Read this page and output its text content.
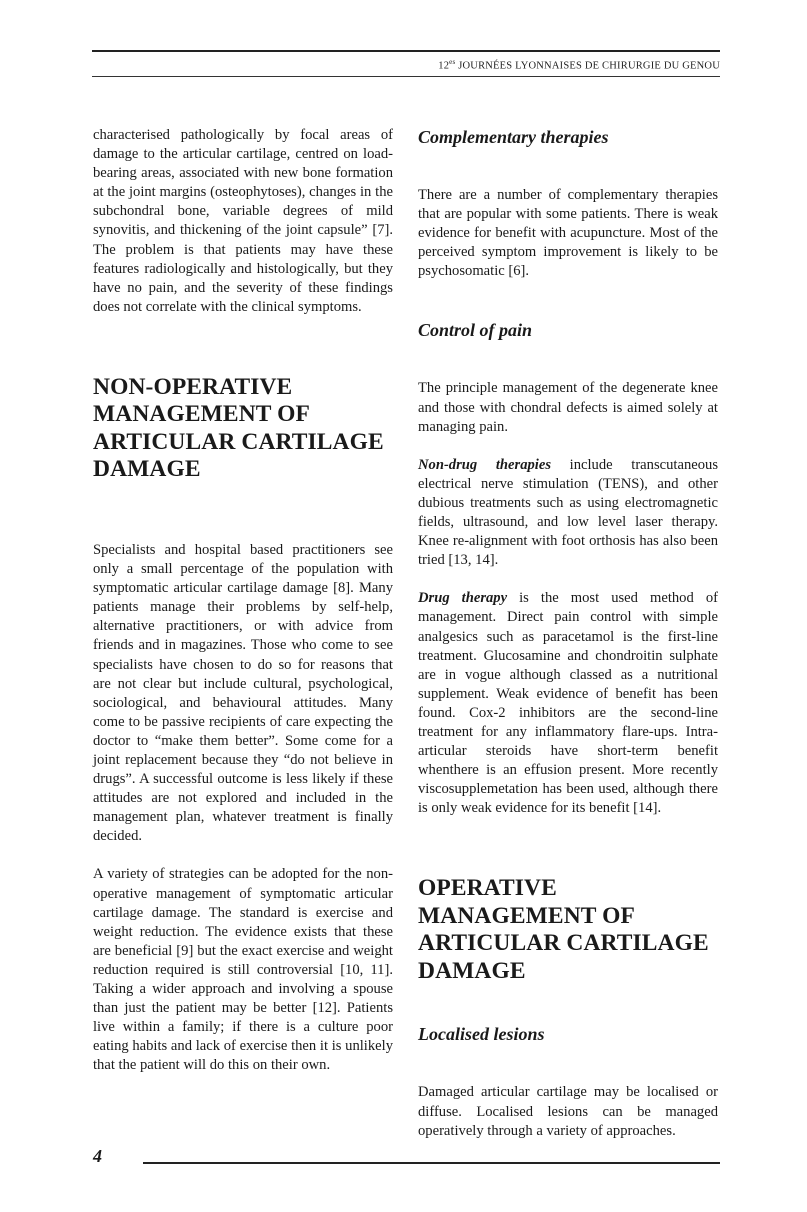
$12^{es}$ JOURNÉES LYONNAISES DE CHIRURGIE DU GENOU

characterised pathologically by focal areas of damage to the articular cartilage, centred on load-bearing areas, associated with new bone formation at the joint margins (osteophytoses), changes in the subchondral bone, variable degrees of mild synovitis, and thickening of the joint capsule” [7]. The problem is that patients may have these features radiologically and histologically, but they have no pain, and the severity of these findings does not correlate with the clinical symptoms.

NON-OPERATIVE MANAGEMENT OF ARTICULAR CARTILAGE DAMAGE

Specialists and hospital based practitioners see only a small percentage of the population with symptomatic articular cartilage damage [8]. Many patients manage their problems by self-help, alternative practitioners, or with advice from friends and in magazines. Those who come to see specialists have chosen to do so for reasons that are not clear but include cultural, psychological, sociological, and behavioural attitudes. Many come to be passive recipients of care expecting the doctor to “make them better”. Some come for a joint replacement because they “do not believe in drugs”. A successful outcome is less likely if these attitudes are not explored and included in the management plan, whatever treatment is finally decided.

A variety of strategies can be adopted for the non-operative management of symptomatic articular cartilage damage. The standard is exercise and weight reduction. The evidence exists that these are beneficial [9] but the exact exercise and weight reduction required is still controversial [10, 11]. Taking a wider approach and involving a spouse than just the patient may be better [12]. Patients live within a family; if there is a culture poor eating habits and lack of exercise then it is unlikely that the patient will do this on their own.

Complementary therapies

There are a number of complementary therapies that are popular with some patients. There is weak evidence for benefit with acupuncture. Most of the perceived symptom improvement is likely to be psychosomatic [6].

Control of pain

The principle management of the degenerate knee and those with chondral defects is aimed solely at managing pain.

Non-drug therapies include transcutaneous electrical nerve stimulation (TENS), and other dubious treatments such as using electromagnetic fields, ultrasound, and low level laser therapy. Knee re-alignment with foot orthosis has also been tried [13, 14].

Drug therapy is the most used method of management. Direct pain control with simple analgesics such as paracetamol is the first-line treatment. Glucosamine and chondroitin sulphate are in vogue although classed as a nutritional supplement. Weak evidence of benefit has been found. Cox-2 inhibitors are the second-line treatment for any inflammatory flare-ups. Intra-articular steroids have short-term benefit whenthere is an effusion present. More recently viscosupplemetation has been used, although there is only weak evidence for its benefit [14].

OPERATIVE MANAGEMENT OF ARTICULAR CARTILAGE DAMAGE
Localised lesions

Damaged articular cartilage may be localised or diffuse. Localised lesions can be managed operatively through a variety of approaches.

4
